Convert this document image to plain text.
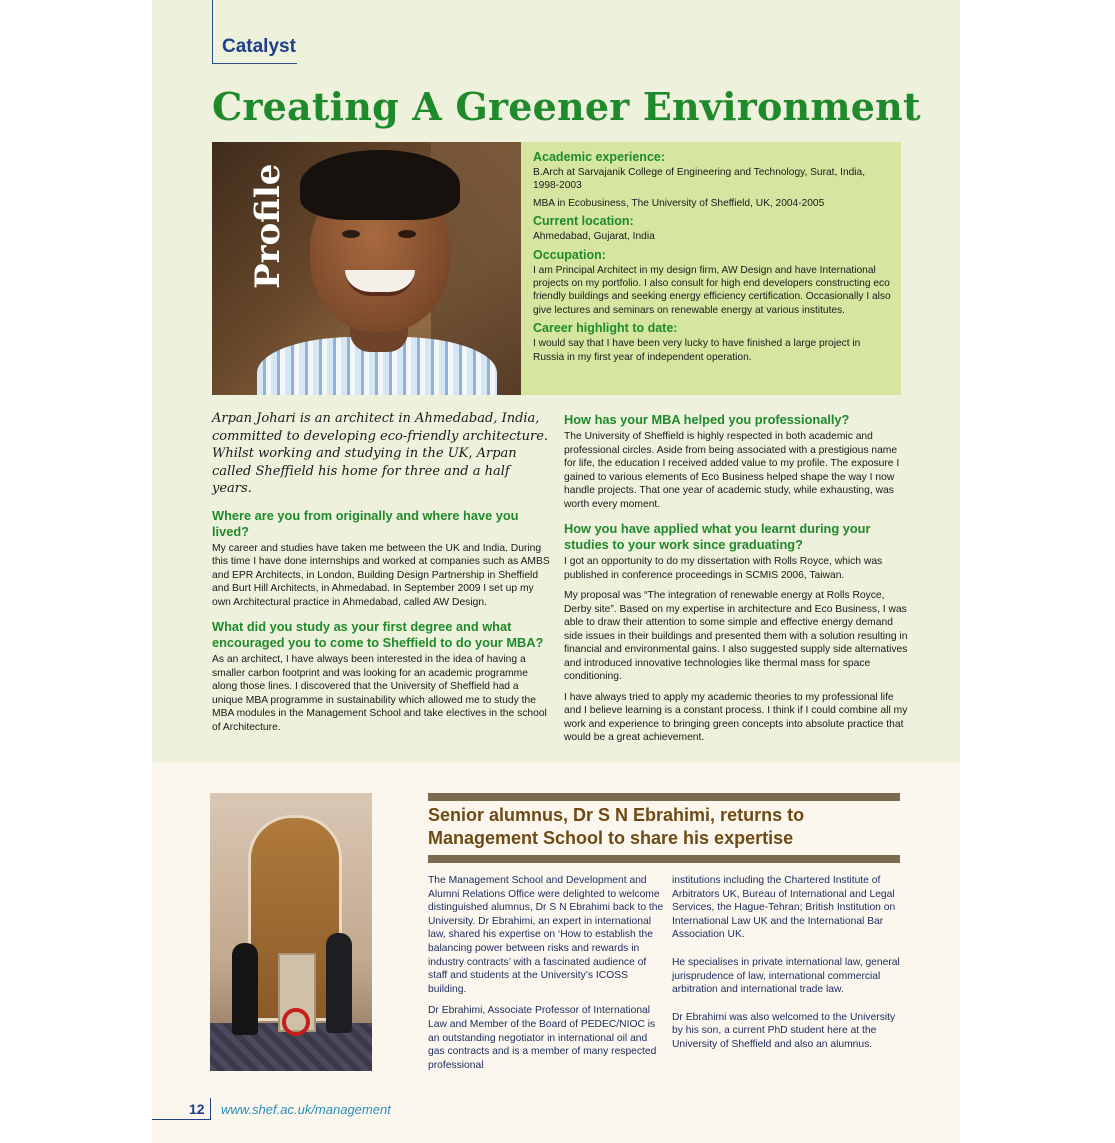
Catalyst
Creating A Greener Environment
Profile
Academic experience:
B.Arch at Sarvajanik College of Engineering and Technology, Surat, India, 1998-2003
MBA in Ecobusiness, The University of Sheffield, UK, 2004-2005
Current location:
Ahmedabad, Gujarat, India
Occupation:
I am Principal Architect in my design firm, AW Design and have International projects on my portfolio. I also consult for high end developers constructing eco friendly buildings and seeking energy efficiency certification. Occasionally I also give lectures and seminars on renewable energy at various institutes.
Career highlight to date:
I would say that I have been very lucky to have finished a large project in Russia in my first year of independent operation.

Arpan Johari is an architect in Ahmedabad, India, committed to developing eco-friendly architecture. Whilst working and studying in the UK, Arpan called Sheffield his home for three and a half years.

Where are you from originally and where have you lived?

My career and studies have taken me between the UK and India. During this time I have done internships and worked at companies such as AMBS and EPR Architects, in London, Building Design Partnership in Sheffield and Burt Hill Architects, in Ahmedabad. In September 2009 I set up my own Architectural practice in Ahmedabad, called AW Design.

What did you study as your first degree and what encouraged you to come to Sheffield to do your MBA?

As an architect, I have always been interested in the idea of having a smaller carbon footprint and was looking for an academic programme along those lines. I discovered that the University of Sheffield had a unique MBA programme in sustainability which allowed me to study the MBA modules in the Management School and take electives in the school of Architecture.

How has your MBA helped you professionally?

The University of Sheffield is highly respected in both academic and professional circles. Aside from being associated with a prestigious name for life, the education I received added value to my profile. The exposure I gained to various elements of Eco Business helped shape the way I now handle projects. That one year of academic study, while exhausting, was worth every moment.

How you have applied what you learnt during your studies to your work since graduating?

I got an opportunity to do my dissertation with Rolls Royce, which was published in conference proceedings in SCMIS 2006, Taiwan.

My proposal was “The integration of renewable energy at Rolls Royce, Derby site”. Based on my expertise in architecture and Eco Business, I was able to draw their attention to some simple and effective energy demand side issues in their buildings and presented them with a solution resulting in financial and environmental gains. I also suggested supply side alternatives and introduced innovative technologies like thermal mass for space conditioning.

I have always tried to apply my academic theories to my professional life and I believe learning is a constant process. I think if I could combine all my work and experience to bringing green concepts into absolute practice that would be a great achievement.

Senior alumnus, Dr S N Ebrahimi, returns to Management School to share his expertise

The Management School and Development and Alumni Relations Office were delighted to welcome distinguished alumnus, Dr S N Ebrahimi back to the University. Dr Ebrahimi, an expert in international law, shared his expertise on ‘How to establish the balancing power between risks and rewards in industry contracts’ with a fascinated audience of staff and students at the University’s ICOSS building.

Dr Ebrahimi, Associate Professor of International Law and Member of the Board of PEDEC/NIOC is an outstanding negotiator in international oil and gas contracts and is a member of many respected professional

institutions including the Chartered Institute of Arbitrators UK, Bureau of International and Legal Services, the Hague-Tehran; British Institution on International Law UK and the International Bar Association UK.

He specialises in private international law, general jurisprudence of law, international commercial arbitration and international trade law.

Dr Ebrahimi was also welcomed to the University by his son, a current PhD student here at the University of Sheffield and also an alumnus.

12 www.shef.ac.uk/management
